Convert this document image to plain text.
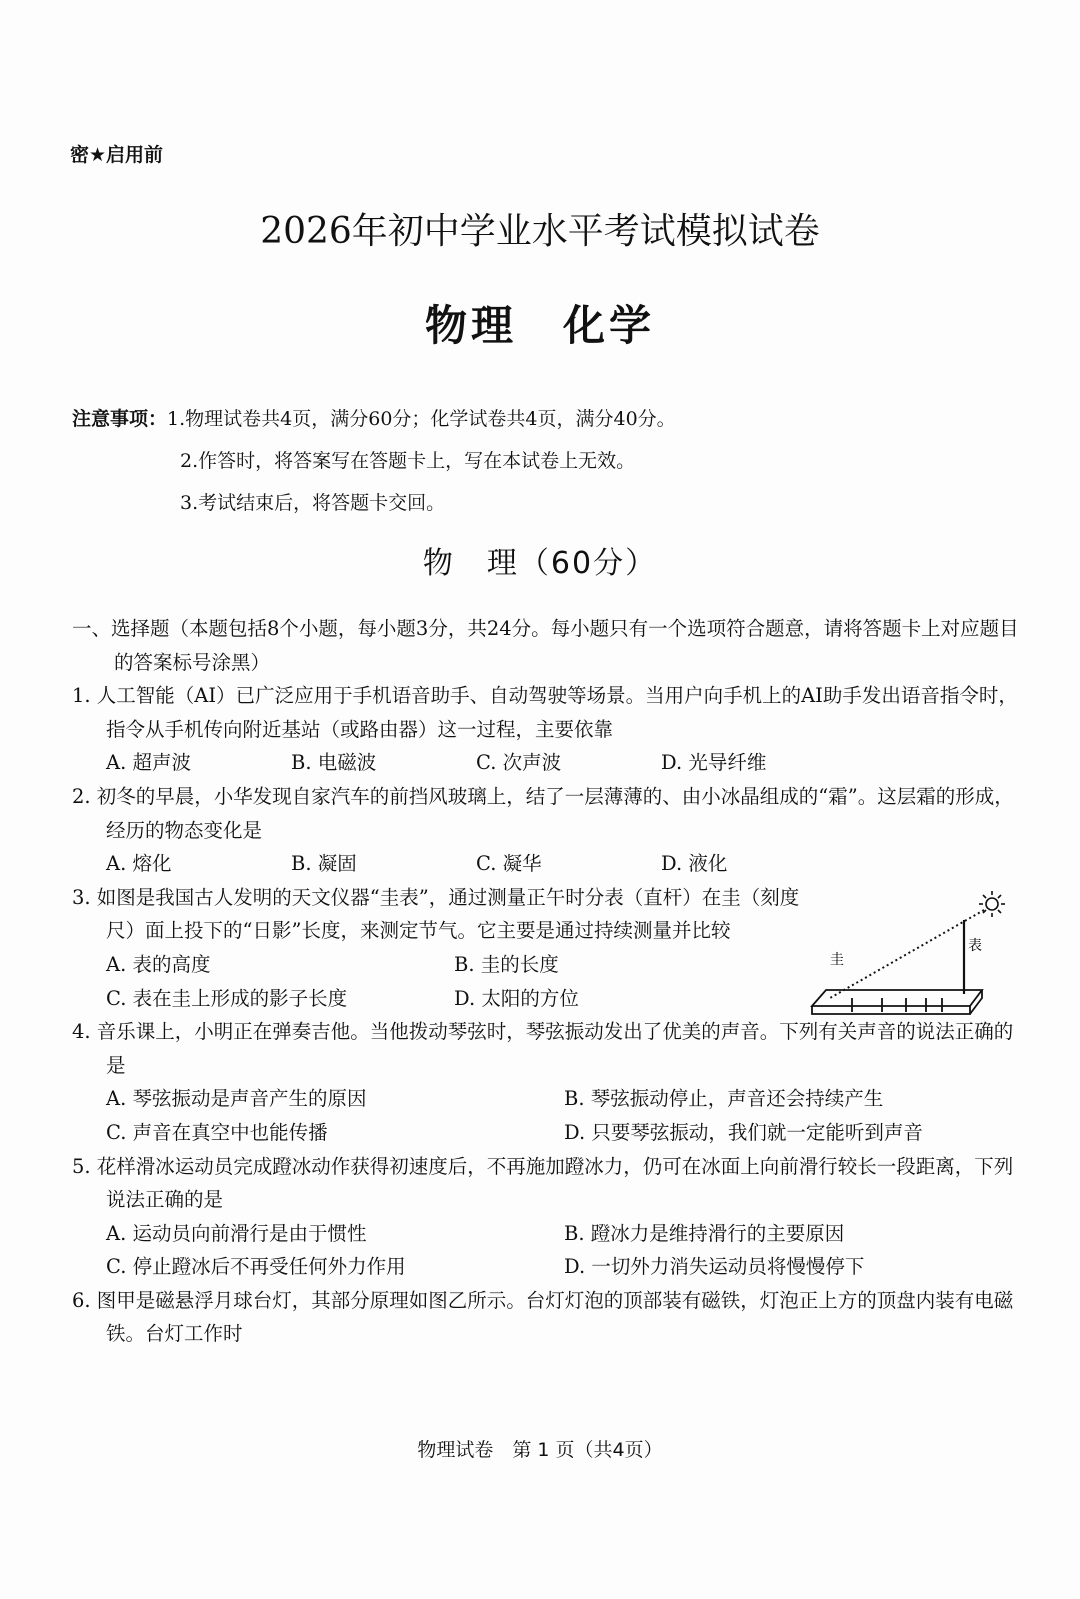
密★启用前
2026年初中学业水平考试模拟试卷
物理　化学
注意事项：1.物理试卷共4页，满分60分；化学试卷共4页，满分40分。
2.作答时，将答案写在答题卡上，写在本试卷上无效。
3.考试结束后，将答题卡交回。
物　理（60分）
一、选择题（本题包括8个小题，每小题3分，共24分。每小题只有一个选项符合题意，请将答题卡上对应题目的答案标号涂黑）
1. 人工智能（AI）已广泛应用于手机语音助手、自动驾驶等场景。当用户向手机上的AI助手发出语音指令时，指令从手机传向附近基站（或路由器）这一过程，主要依靠
A. 超声波	B. 电磁波	C. 次声波	D. 光导纤维
2. 初冬的早晨，小华发现自家汽车的前挡风玻璃上，结了一层薄薄的、由小冰晶组成的“霜”。这层霜的形成，经历的物态变化是
A. 熔化	B. 凝固	C. 凝华	D. 液化
3. 如图是我国古人发明的天文仪器“圭表”，通过测量正午时分表（直杆）在圭（刻度尺）面上投下的“日影”长度，来测定节气。它主要是通过持续测量并比较
A. 表的高度	B. 圭的长度
C. 表在圭上形成的影子长度	D. 太阳的方位
4. 音乐课上，小明正在弹奏吉他。当他拨动琴弦时，琴弦振动发出了优美的声音。下列有关声音的说法正确的是
A. 琴弦振动是声音产生的原因	B. 琴弦振动停止，声音还会持续产生
C. 声音在真空中也能传播	D. 只要琴弦振动，我们就一定能听到声音
5. 花样滑冰运动员完成蹬冰动作获得初速度后，不再施加蹬冰力，仍可在冰面上向前滑行较长一段距离，下列说法正确的是
A. 运动员向前滑行是由于惯性	B. 蹬冰力是维持滑行的主要原因
C. 停止蹬冰后不再受任何外力作用	D. 一切外力消失运动员将慢慢停下
6. 图甲是磁悬浮月球台灯，其部分原理如图乙所示。台灯灯泡的顶部装有磁铁，灯泡正上方的顶盘内装有电磁铁。台灯工作时
圭
表
物理试卷　第 1 页（共4页）
